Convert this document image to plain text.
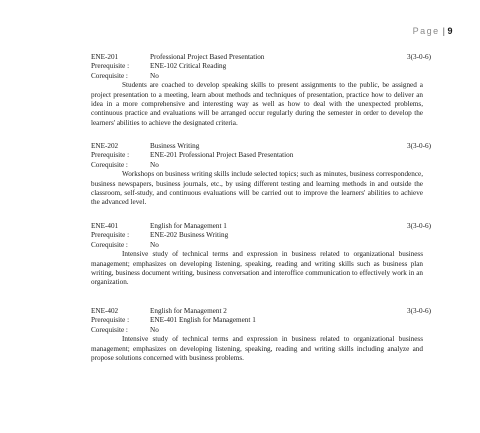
Page |9
ENE-201	Professional Project Based Presentation	3(3-0-6)
Prerequisite :	ENE-102 Critical Reading
Corequisite :	No

Students are coached to develop speaking skills to present assignments to the public, be assigned a project presentation to a meeting, learn about methods and techniques of presentation, practice how to deliver an idea in a more comprehensive and interesting way as well as how to deal with the unexpected problems, continuous practice and evaluations will be arranged occur regularly during the semester in order to develop the learners' abilities to achieve the designated criteria.

ENE-202	Business Writing	3(3-0-6)
Prerequisite :	ENE-201 Professional Project Based Presentation
Corequisite :	No

Workshops on business writing skills include selected topics; such as minutes, business correspondence, business newspapers, business journals, etc., by using different testing and learning methods in and outside the classroom, self-study, and continuous evaluations will be carried out to improve the learners' abilities to achieve the advanced level.

ENE-401	English for Management 1	3(3-0-6)
Prerequisite :	ENE-202 Business Writing
Corequisite :	No

Intensive study of technical terms and expression in business related to organizational business management; emphasizes on developing listening, speaking, reading and writing skills such as business plan writing, business document writing, business conversation and interoffice communication to effectively work in an organization.

ENE-402	English for Management 2	3(3-0-6)
Prerequisite :	ENE-401 English for Management 1
Corequisite :	No

Intensive study of technical terms and expression in business related to organizational business management; emphasizes on developing listening, speaking, reading and writing skills including analyze and propose solutions concerned with business problems.
